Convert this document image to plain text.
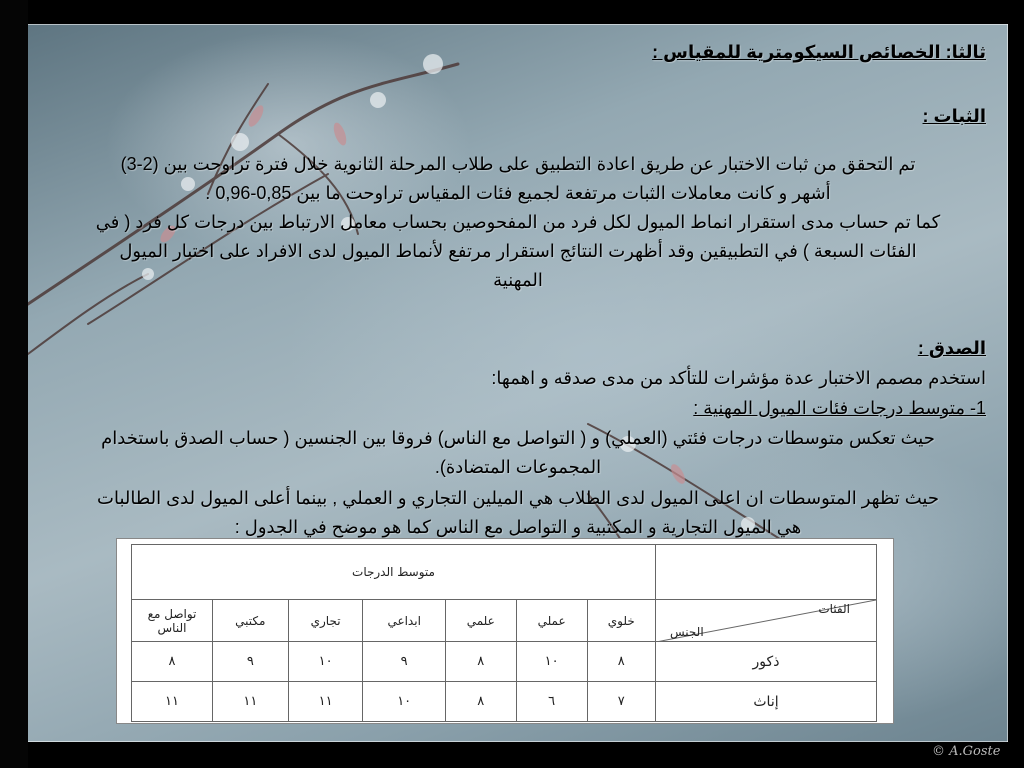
ثالثا: الخصائص السيكومترية للمقياس :
الثبات :
تم التحقق من ثبات الاختبار عن طريق اعادة التطبيق على طلاب المرحلة الثانوية خلال فترة تراوحت بين (2-3)
أشهر و كانت معاملات الثبات مرتفعة لجميع فئات المقياس تراوحت ما بين 0,85-0,96 .
كما تم حساب مدى استقرار انماط الميول لكل فرد من المفحوصين بحساب معامل الارتباط بين درجات كل فرد ( في
الفئات السبعة ) في التطبيقين وقد أظهرت النتائج استقرار مرتفع لأنماط الميول لدى الافراد على اختبار الميول
المهنية
الصدق :
استخدم مصمم الاختبار عدة مؤشرات للتأكد من مدى صدقه و اهمها:
1- متوسط درجات فئات الميول المهنية :
حيث تعكس متوسطات درجات فئتي (العملي) و ( التواصل مع الناس) فروقا بين الجنسين ( حساب الصدق باستخدام
المجموعات المتضادة).
حيث تظهر المتوسطات ان اعلى الميول لدى الطلاب هي الميلين التجاري و العملي , بينما أعلى الميول لدى الطالبات
هي الميول التجارية و المكتبية و التواصل مع الناس كما هو موضح في الجدول :
	متوسط الدرجات						

الفئات
الجنس	خلوي	عملي	علمي	ابداعي	تجاري	مكتبي	تواصل مع الناس
ذكور	٨	١٠	٨	٩	١٠	٩	٨
إناث	٧	٦	٨	١٠	١١	١١	١١
© A.Goste
